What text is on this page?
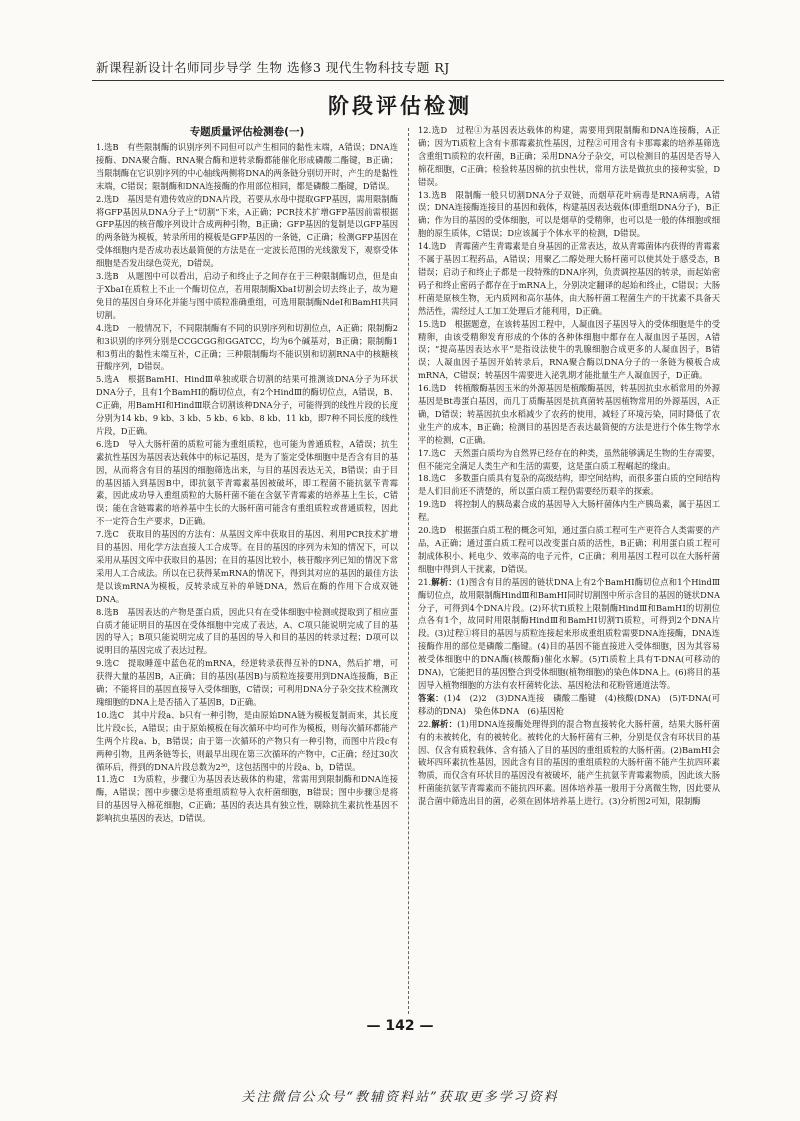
新课程新设计名师同步导学 生物 选修3 现代生物科技专题 RJ
阶段评估检测
专题质量评估检测卷(一)
1.选B　有些限制酶的识别序列不同但可以产生相同的黏性末端，A错误；DNA连接酶、DNA聚合酶、RNA聚合酶和逆转录酶都能催化形成磷酸二酯键，B正确；当限制酶在它识别序列的中心轴线两侧将DNA的两条链分别切开时，产生的是黏性末端，C错误；限制酶和DNA连接酶的作用部位相同，都是磷酸二酯键，D错误。
2.选D　基因是有遗传效应的DNA片段，若要从水母中提取GFP基因，需用限制酶将GFP基因从DNA分子上“切割”下来，A正确；PCR技术扩增GFP基因前需根据GFP基因的核苷酸序列设计合成两种引物，B正确；GFP基因的复制是以GFP基因的两条链为模板，转录所用的模板是GFP基因的一条链，C正确；检测GFP基因在受体细胞内是否成功表达最简便的方法是在一定波长范围的光线激发下，观察受体细胞是否发出绿色荧光，D错误。
3.选B　从题图中可以看出，启动子和终止子之间存在于三种限制酶切点，但是由于XbaⅠ在质粒上不止一个酶切位点，若用限制酶XbaⅠ切割会切去终止子，故为避免目的基因自身环化并能与图中质粒准确重组，可选用限制酶NdeⅠ和BamHⅠ共同切割。
4.选D　一般情况下，不同限制酶有不同的识别序列和切割位点，A正确；限制酶2和3识别的序列分别是CCGCGG和GGATCC，均为6个碱基对，B正确；限制酶1和3剪出的黏性末端互补，C正确；三种限制酶均不能识别和切割RNA中的核糖核苷酸序列，D错误。
5.选A　根据BamHⅠ、HindⅢ单独或联合切割的结果可推测该DNA分子为环状DNA分子，且有1个BamHⅠ的酶切位点，有2个HindⅢ的酶切位点，A错误，B、C正确，用BamHⅠ和HindⅢ联合切割该种DNA分子，可能得到的线性片段的长度分别为14 kb、9 kb、3 kb、5 kb、6 kb、8 kb、11 kb，即7种不同长度的线性片段，D正确。
6.选D　导入大肠杆菌的质粒可能为重组质粒，也可能为普通质粒，A错误；抗生素抗性基因为基因表达载体中的标记基因，是为了鉴定受体细胞中是否含有目的基因，从而将含有目的基因的细胞筛选出来，与目的基因表达无关，B错误；由于目的基因插入到基因B中，即抗氨苄青霉素基因被破坏，即工程菌不能抗氨苄青霉素，因此成功导入重组质粒的大肠杆菌不能在含氨苄青霉素的培养基上生长，C错误；能在含链霉素的培养基中生长的大肠杆菌可能含有重组质粒或普通质粒，因此不一定符合生产要求，D正确。
7.选C　获取目的基因的方法有：从基因文库中获取目的基因、利用PCR技术扩增目的基因、用化学方法直接人工合成等。在目的基因的序列为未知的情况下，可以采用从基因文库中获取目的基因；在目的基因比较小，核苷酸序列已知的情况下常采用人工合成法。所以在已获得某mRNA的情况下，得到其对应的基因的最佳方法是以该mRNA为模板，反转录成互补的单链DNA，然后在酶的作用下合成双链DNA。
8.选B　基因表达的产物是蛋白质，因此只有在受体细胞中检测或提取到了相应蛋白质才能证明目的基因在受体细胞中完成了表达，A、C项只能说明完成了目的基因的导入；B项只能说明完成了目的基因的导入和目的基因的转录过程；D项可以说明目的基因完成了表达过程。
9.选C　提取睡莲中蓝色花的mRNA，经逆转录获得互补的DNA，然后扩增，可获得大量的基因B，A正确；目的基因(基因B)与质粒连接要用到DNA连接酶，B正确；不能将目的基因直接导入受体细胞，C错误；可利用DNA分子杂交技术检测玫瑰细胞的DNA上是否插入了基因B，D正确。
10.选C　其中片段a、b只有一种引物，是由原始DNA链为模板复制而来，其长度比片段c长，A错误；由于原始模板在每次循环中均可作为模板，则每次循环都能产生两个片段a、b，B错误；由于第一次循环的产物只有一种引物，而图中片段c有两种引物，且两条链等长，则最早出现在第三次循环的产物中，C正确；经过30次循环后，得到的DNA片段总数为2³⁰，这包括图中的片段a、b，D错误。
11.选C　Ⅰ为质粒，步骤①为基因表达载体的构建，常需用到限制酶和DNA连接酶，A错误；图中步骤②是将重组质粒导入农杆菌细胞，B错误；图中步骤③是将目的基因导入棉花细胞，C正确；基因的表达具有独立性，剔除抗生素抗性基因不影响抗虫基因的表达，D错误。
12.选D　过程①为基因表达载体的构建，需要用到限制酶和DNA连接酶，A正确；因为Ti质粒上含有卡那霉素抗性基因，过程②可用含有卡那霉素的培养基筛选含重组Ti质粒的农杆菌，B正确；采用DNA分子杂交，可以检测目的基因是否导入棉花细胞，C正确；检验转基因棉的抗虫性状，常用方法是做抗虫的接种实验，D错误。
13.选B　限制酶一般只切割DNA分子双链，而烟草花叶病毒是RNA病毒，A错误；DNA连接酶连接目的基因和载体，构建基因表达载体(即重组DNA分子)，B正确；作为目的基因的受体细胞，可以是烟草的受精卵，也可以是一般的体细胞或细胞的原生质体，C错误；D应该属于个体水平的检测，D错误。
14.选D　青霉菌产生青霉素是自身基因的正常表达，故从青霉菌体内获得的青霉素不属于基因工程药品，A错误；用聚乙二醇处理大肠杆菌可以使其处于感受态，B错误；启动子和终止子都是一段特殊的DNA序列，负责调控基因的转录，而起始密码子和终止密码子都存在于mRNA上，分别决定翻译的起始和终止，C错误；大肠杆菌是原核生物，无内质网和高尔基体，由大肠杆菌工程菌生产的干扰素不具备天然活性，需经过人工加工处理后才能利用，D正确。
15.选D　根据题意，在该转基因工程中，人凝血因子基因导入的受体细胞是牛的受精卵，由该受精卵发育形成的个体的各种体细胞中都存在人凝血因子基因，A错误；“提高基因表达水平”是指设法使牛的乳腺细胞合成更多的人凝血因子，B错误；人凝血因子基因开始转录后，RNA聚合酶以DNA分子的一条链为模板合成mRNA，C错误；转基因牛需要进入泌乳期才能批量生产人凝血因子，D正确。
16.选D　转植酸酶基因玉米的外源基因是植酸酶基因，转基因抗虫水稻常用的外源基因是Bt毒蛋白基因，而几丁质酶基因是抗真菌转基因植物常用的外源基因，A正确，D错误；转基因抗虫水稻减少了农药的使用，减轻了环境污染，同时降低了农业生产的成本，B正确；检测目的基因是否表达最简便的方法是进行个体生物学水平的检测，C正确。
17.选C　天然蛋白质均为自然界已经存在的种类，虽然能够满足生物的生存需要，但不能完全满足人类生产和生活的需要，这是蛋白质工程崛起的缘由。
18.选C　多数蛋白质具有复杂的高级结构，即空间结构，而很多蛋白质的空间结构是人们目前还不清楚的，所以蛋白质工程仍需要经历艰辛的探索。
19.选D　将控制人的胰岛素合成的基因导入大肠杆菌体内生产胰岛素，属于基因工程。
20.选D　根据蛋白质工程的概念可知，通过蛋白质工程可生产更符合人类需要的产品，A正确；通过蛋白质工程可以改变蛋白质的活性，B正确；利用蛋白质工程可制成体积小、耗电少、效率高的电子元件，C正确；利用基因工程可以在大肠杆菌细胞中得到人干扰素，D错误。
21.解析：(1)图含有目的基因的链状DNA上有2个BamHⅠ酶切位点和1个HindⅢ酶切位点，故用限制酶HindⅢ和BamHⅠ同时切割图中所示含目的基因的链状DNA分子，可得到4个DNA片段。(2)环状Ti质粒上限制酶HindⅢ和BamHⅠ的切割位点各有1个，故同时用限制酶HindⅢ和BamHⅠ切割Ti质粒，可得到2个DNA片段。(3)过程①将目的基因与质粒连接起来形成重组质粒需要DNA连接酶，DNA连接酶作用的部位是磷酸二酯键。(4)目的基因不能直接进入受体细胞，因为其容易被受体细胞中的DNA酶(核酸酶)催化水解。(5)Ti质粒上具有T-DNA(可移动的DNA)，它能把目的基因整合到受体细胞(植物细胞)的染色体DNA上。(6)将目的基因导入植物细胞的方法有农杆菌转化法、基因枪法和花粉管通道法等。
答案：(1)4　(2)2　(3)DNA连接　磷酸二酯键　(4)核酸(DNA)　(5)T-DNA(可移动的DNA)　染色体DNA　(6)基因枪
22.解析：(1)用DNA连接酶处理得到的混合物直接转化大肠杆菌，结果大肠杆菌有的未被转化，有的被转化。被转化的大肠杆菌有三种，分别是仅含有环状目的基因、仅含有质粒载体、含有插入了目的基因的重组质粒的大肠杆菌。(2)BamHⅠ会破坏四环素抗性基因，因此含有目的基因的重组质粒的大肠杆菌不能产生抗四环素物质，而仅含有环状目的基因没有被破坏，能产生抗氨苄青霉素物质，因此该大肠杆菌能抗氨苄青霉素而不能抗四环素。固体培养基一般用于分离微生物，因此要从混合菌中筛选出目的菌，必须在固体培养基上进行。(3)分析图2可知，限制酶
— 142 —
关注微信公众号“教辅资料站”获取更多学习资料
